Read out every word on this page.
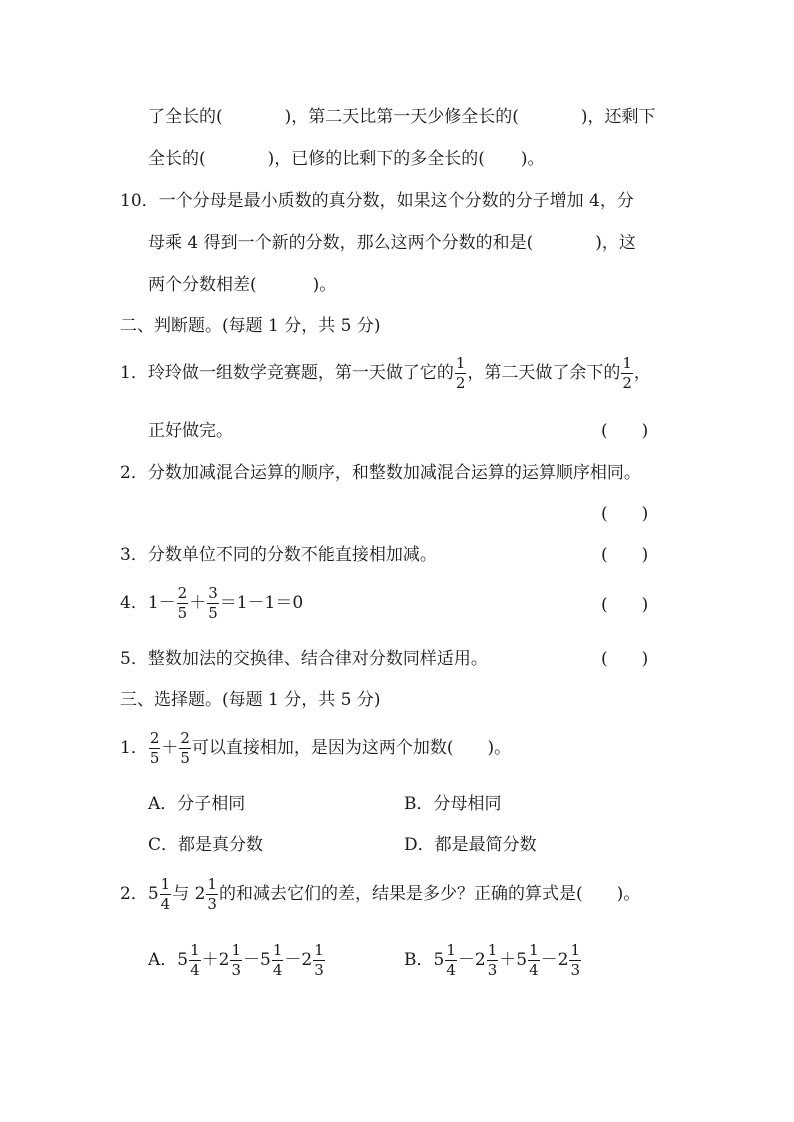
了全长的(	)，第二天比第一天少修全长的(	)，还剩下
全长的(	)，已修的比剩下的多全长的( )。
10．一个分母是最小质数的真分数，如果这个分数的分子增加 4，分
母乘 4 得到一个新的分数，那么这两个分数的和是(	)，这
两个分数相差(	)。
二、判断题。(每题 1 分，共 5 分)
1．玲玲做一组数学竞赛题，第一天做了它的 $\frac{1}{2}$ ，第二天做了余下的 $\frac{1}{2}$ ，
正好做完。	(　　)
2．分数加减混合运算的顺序，和整数加减混合运算的运算顺序相同。
(　　)
3．分数单位不同的分数不能直接相加减。	(　　)
4．$1- \frac{2}{5} + \frac{3}{5} =1-1=0$	(　　)
5．整数加法的交换律、结合律对分数同样适用。	(　　)
三、选择题。(每题 1 分，共 5 分)
1． $\frac{2}{5} + \frac{2}{5}$ 可以直接相加，是因为这两个加数(　　)。
A．分子相同	B．分母相同
C．都是真分数	D．都是最简分数
2．$5 \frac{1}{4}$ 与 $2 \frac{1}{3}$ 的和减去它们的差，结果是多少？正确的算式是(　　)。
A．$5 \frac{1}{4} +2 \frac{1}{3} -5 \frac{1}{4} -2 \frac{1}{3}$	B．$5 \frac{1}{4} -2 \frac{1}{3} +5 \frac{1}{4} -2 \frac{1}{3}$
